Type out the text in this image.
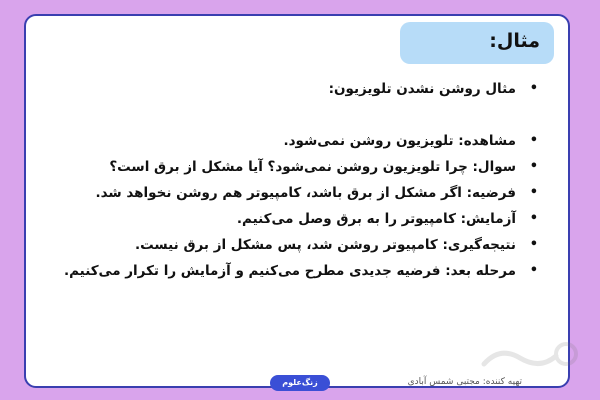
مثال:
•
مثال روشن نشدن تلویزیون:
•
مشاهده: تلویزیون روشن نمی‌شود.
•
سوال: چرا تلویزیون روشن نمی‌شود؟ آیا مشکل از برق است؟
•
فرضیه: اگر مشکل از برق باشد، کامپیوتر هم روشن نخواهد شد.
•
آزمایش: کامپیوتر را به برق وصل می‌کنیم.
•
نتیجه‌گیری: کامپیوتر روشن شد، پس مشکل از برق نیست.
•
مرحله بعد: فرضیه جدیدی مطرح می‌کنیم و آزمایش را تکرار می‌کنیم.
زنگ‌علوم	تهیه کننده: مجتبی شمس آبادی
